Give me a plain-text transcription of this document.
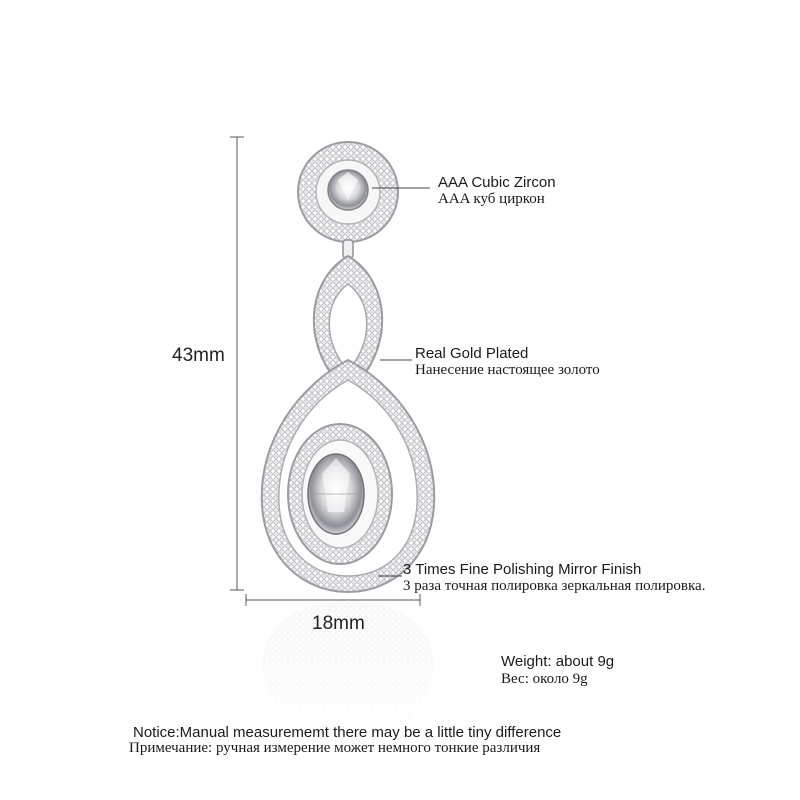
43mm
18mm
AAA Cubic Zircon
AAA куб циркон
Real Gold Plated
Нанесение настоящее золото
3 Times Fine Polishing Mirror Finish
3 раза точная полировка зеркальная полировка.
Weight: about 9g
Вес: около 9g
Notice:Manual measurememt there may be a little tiny difference
Примечание: ручная измерение может немного тонкие различия
